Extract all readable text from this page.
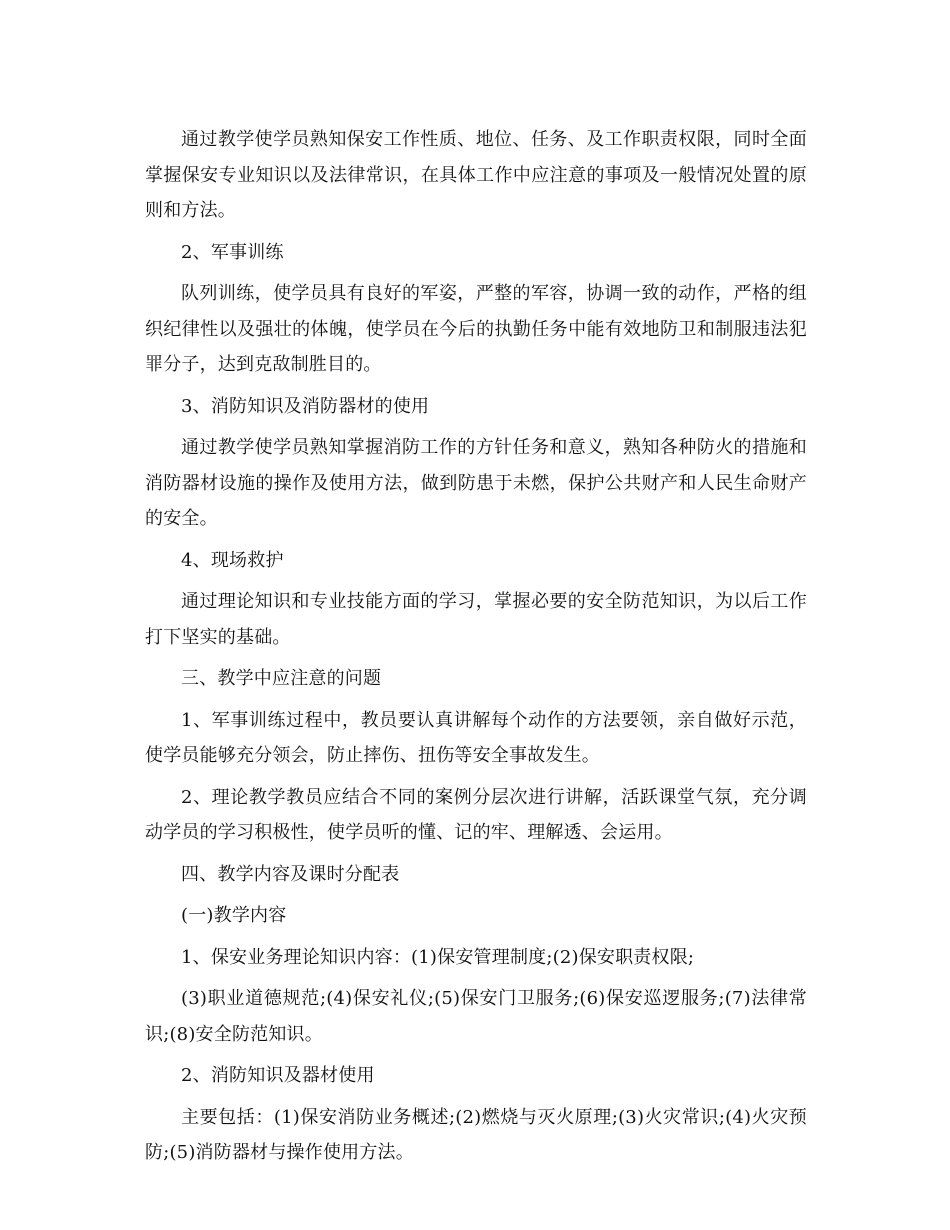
通过教学使学员熟知保安工作性质、地位、任务、及工作职责权限，同时全面掌握保安专业知识以及法律常识，在具体工作中应注意的事项及一般情况处置的原则和方法。

2、军事训练

队列训练，使学员具有良好的军姿，严整的军容，协调一致的动作，严格的组织纪律性以及强壮的体魄，使学员在今后的执勤任务中能有效地防卫和制服违法犯罪分子，达到克敌制胜目的。

3、消防知识及消防器材的使用

通过教学使学员熟知掌握消防工作的方针任务和意义，熟知各种防火的措施和消防器材设施的操作及使用方法，做到防患于未燃，保护公共财产和人民生命财产的安全。

4、现场救护

通过理论知识和专业技能方面的学习，掌握必要的安全防范知识，为以后工作打下坚实的基础。

三、教学中应注意的问题

1、军事训练过程中，教员要认真讲解每个动作的方法要领，亲自做好示范，使学员能够充分领会，防止摔伤、扭伤等安全事故发生。

2、理论教学教员应结合不同的案例分层次进行讲解，活跃课堂气氛，充分调动学员的学习积极性，使学员听的懂、记的牢、理解透、会运用。

四、教学内容及课时分配表

(一)教学内容

1、保安业务理论知识内容：(1)保安管理制度;(2)保安职责权限;

(3)职业道德规范;(4)保安礼仪;(5)保安门卫服务;(6)保安巡逻服务;(7)法律常识;(8)安全防范知识。

2、消防知识及器材使用

主要包括：(1)保安消防业务概述;(2)燃烧与灭火原理;(3)火灾常识;(4)火灾预防;(5)消防器材与操作使用方法。
